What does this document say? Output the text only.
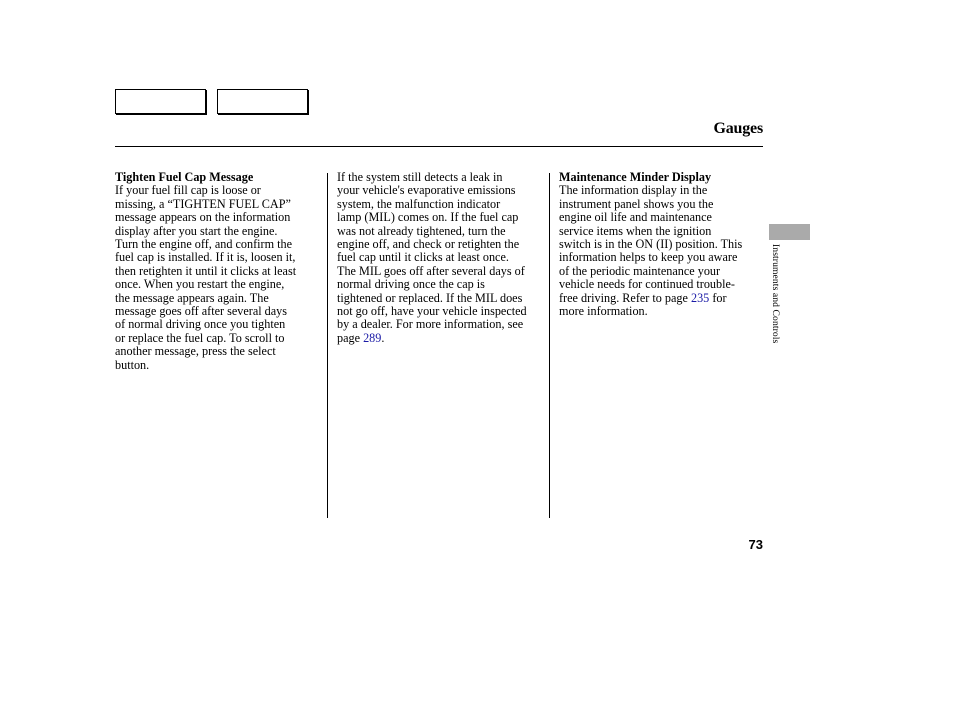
Gauges

Tighten Fuel Cap Message

If your fuel fill cap is loose or
missing, a “TIGHTEN FUEL CAP”
message appears on the information
display after you start the engine.
Turn the engine off, and confirm the
fuel cap is installed. If it is, loosen it,
then retighten it until it clicks at least
once. When you restart the engine,
the message appears again. The
message goes off after several days
of normal driving once you tighten
or replace the fuel cap. To scroll to
another message, press the select
button.

If the system still detects a leak in
your vehicle's evaporative emissions
system, the malfunction indicator
lamp (MIL) comes on. If the fuel cap
was not already tightened, turn the
engine off, and check or retighten the
fuel cap until it clicks at least once.
The MIL goes off after several days of
normal driving once the cap is
tightened or replaced. If the MIL does
not go off, have your vehicle inspected
by a dealer. For more information, see
page 289.

Maintenance Minder Display

The information display in the
instrument panel shows you the
engine oil life and maintenance
service items when the ignition
switch is in the ON (II) position. This
information helps to keep you aware
of the periodic maintenance your
vehicle needs for continued trouble-
free driving. Refer to page 235 for
more information.	Instruments and Controls
73
